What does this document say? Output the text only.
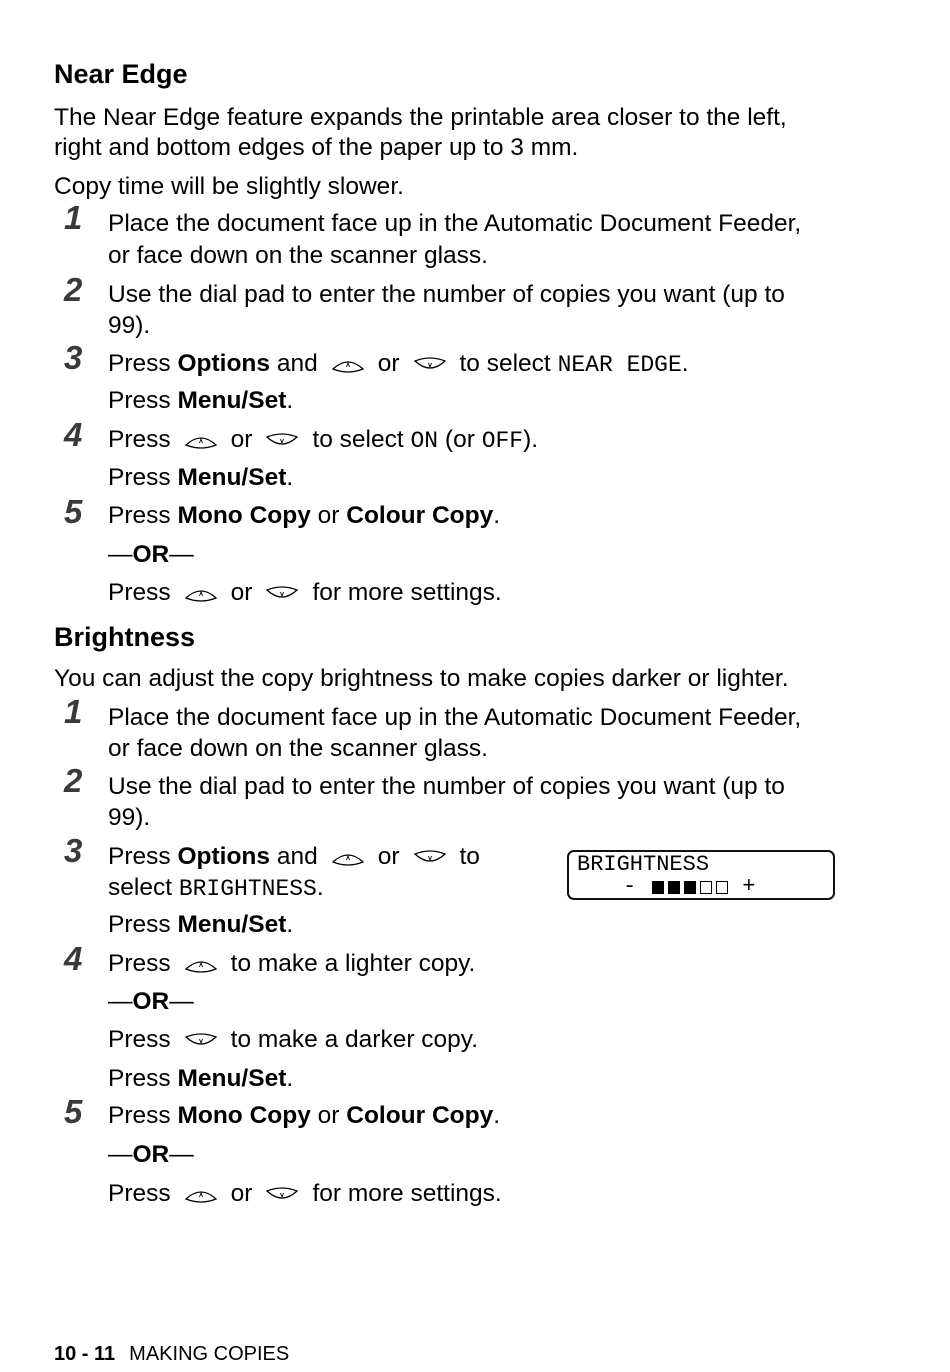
Near Edge
The Near Edge feature expands the printable area closer to the left,
right and bottom edges of the paper up to 3 mm.
Copy time will be slightly slower.
1 Place the document face up in the Automatic Document Feeder,
or face down on the scanner glass.
2 Use the dial pad to enter the number of copies you want (up to
99).
3 Press Options and or to select NEAR EDGE.
Press Menu/Set.
4 Press or to select ON (or OFF).
Press Menu/Set.
5 Press Mono Copy or Colour Copy.
—OR—
Press or for more settings.
Brightness
You can adjust the copy brightness to make copies darker or lighter.
1 Place the document face up in the Automatic Document Feeder,
or face down on the scanner glass.
2 Use the dial pad to enter the number of copies you want (up to
99).
3 Press Options and or to
select BRIGHTNESS.
Press Menu/Set.
BRIGHTNESS
-	+
4 Press to make a lighter copy.
—OR—
Press to make a darker copy.
Press Menu/Set.
5 Press Mono Copy or Colour Copy.
—OR—
Press or for more settings.
10 - 11 MAKING COPIES
